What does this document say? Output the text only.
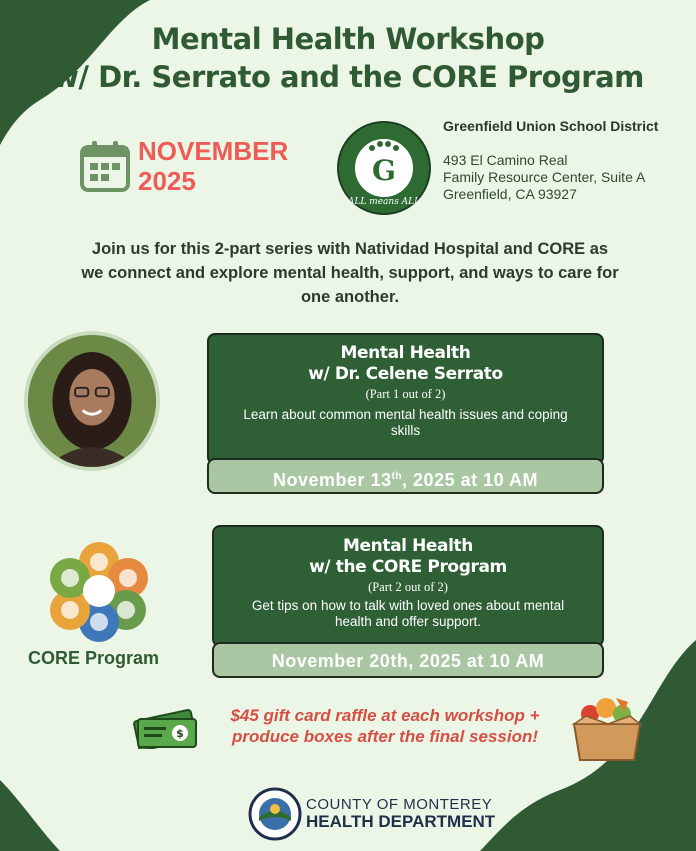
Mental Health Workshop
w/ Dr. Serrato and the CORE Program
NOVEMBER
2025	G
ALL means ALL
Greenfield Union School District
493 El Camino Real
Family Resource Center, Suite A
Greenfield, CA 93927
Join us for this 2-part series with Natividad Hospital and CORE as we connect and explore mental health, support, and ways to care for one another.
Mental Health
w/ Dr. Celene Serrato
(Part 1 out of 2)
Learn about common mental health issues and coping skills
November 13th, 2025 at 10 AM
CORE Program
Mental Health
w/ the CORE Program
(Part 2 out of 2)
Get tips on how to talk with loved ones about mental health and offer support.
November 20th, 2025 at 10 AM
$
$45 gift card raffle at each workshop + produce boxes after the final session!
COUNTY OF MONTEREY
HEALTH DEPARTMENT
